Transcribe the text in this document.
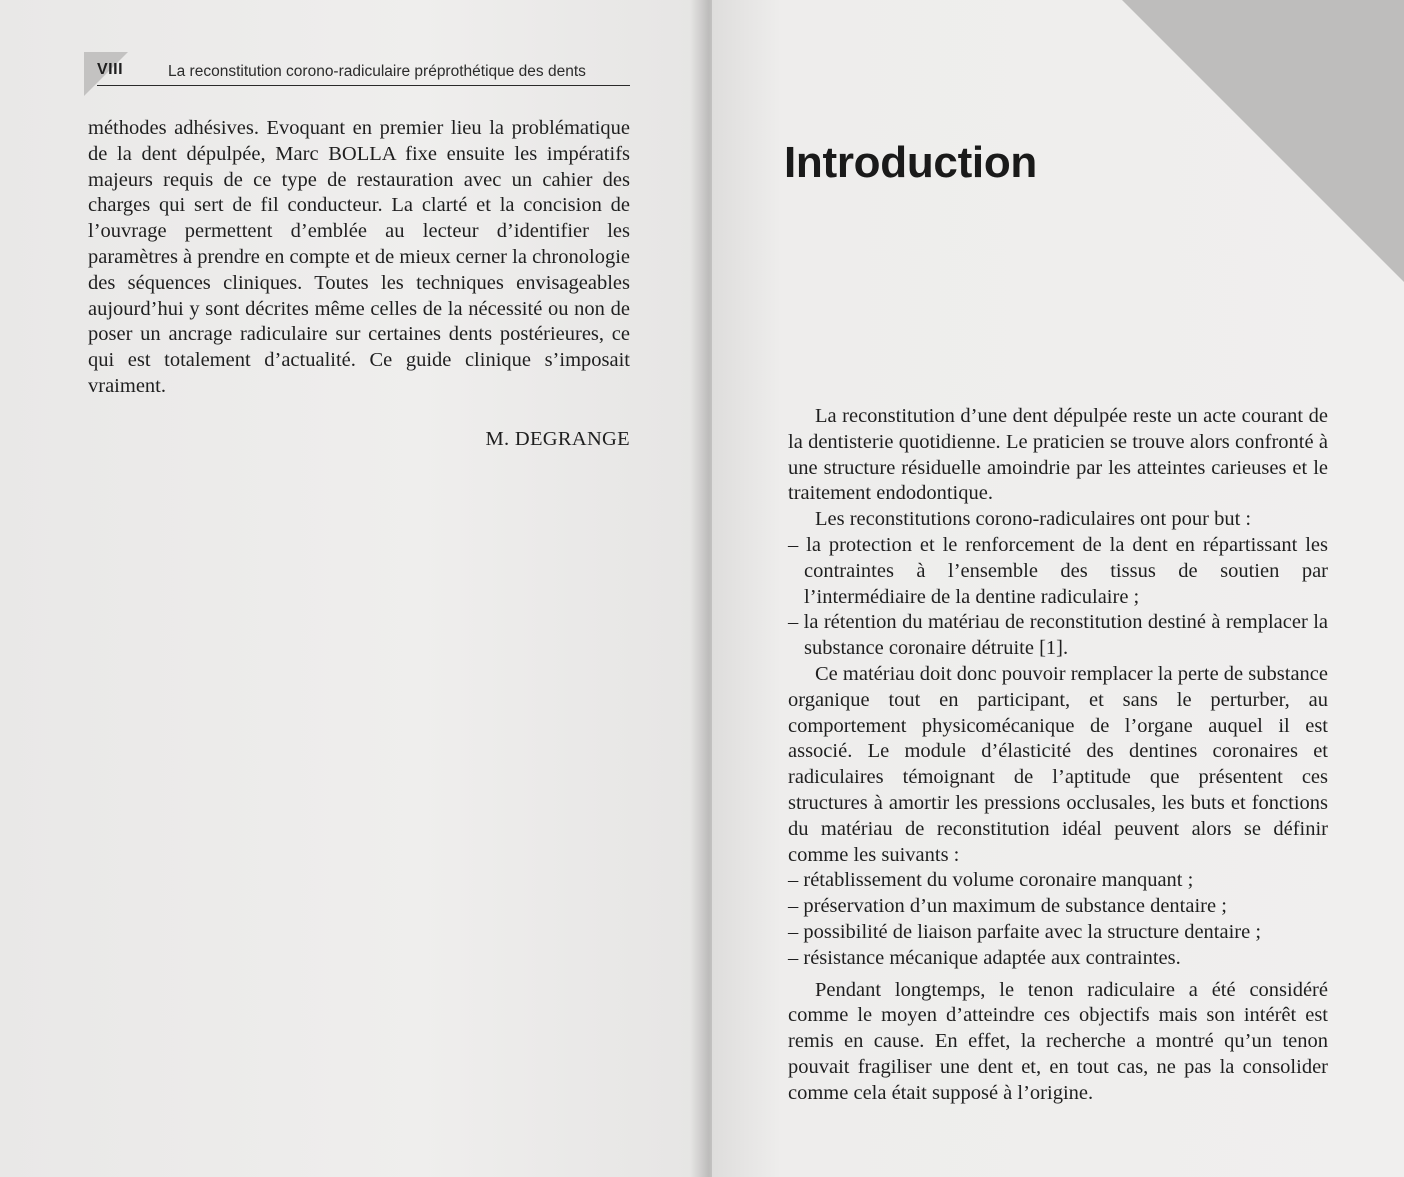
VIII	La reconstitution corono-radiculaire préprothétique des dents

méthodes adhésives. Evoquant en premier lieu la problématique de la dent dépulpée, Marc BOLLA fixe ensuite les impératifs majeurs requis de ce type de restauration avec un cahier des charges qui sert de fil conducteur. La clarté et la concision de l’ouvrage permettent d’emblée au lecteur d’identifier les paramètres à prendre en compte et de mieux cerner la chronologie des séquences cliniques. Toutes les techniques envisageables aujourd’hui y sont décrites même celles de la nécessité ou non de poser un ancrage radiculaire sur certaines dents postérieures, ce qui est totalement d’actualité. Ce guide clinique s’imposait vraiment.

M. DEGRANGE
Introduction

La reconstitution d’une dent dépulpée reste un acte courant de la dentisterie quotidienne. Le praticien se trouve alors confronté à une structure résiduelle amoindrie par les atteintes carieuses et le traitement endodontique.

Les reconstitutions corono-radiculaires ont pour but :

– la protection et le renforcement de la dent en répartissant les contraintes à l’ensemble des tissus de soutien par l’intermédiaire de la dentine radiculaire ;

– la rétention du matériau de reconstitution destiné à remplacer la substance coronaire détruite [1].

Ce matériau doit donc pouvoir remplacer la perte de substance organique tout en participant, et sans le perturber, au comportement physicomécanique de l’organe auquel il est associé. Le module d’élasticité des dentines coronaires et radiculaires témoignant de l’aptitude que présentent ces structures à amortir les pressions occlusales, les buts et fonctions du matériau de reconstitution idéal peuvent alors se définir comme les suivants :

– rétablissement du volume coronaire manquant ;

– préservation d’un maximum de substance dentaire ;

– possibilité de liaison parfaite avec la structure dentaire ;

– résistance mécanique adaptée aux contraintes.

Pendant longtemps, le tenon radiculaire a été considéré comme le moyen d’atteindre ces objectifs mais son intérêt est remis en cause. En effet, la recherche a montré qu’un tenon pouvait fragiliser une dent et, en tout cas, ne pas la consolider comme cela était supposé à l’origine.
